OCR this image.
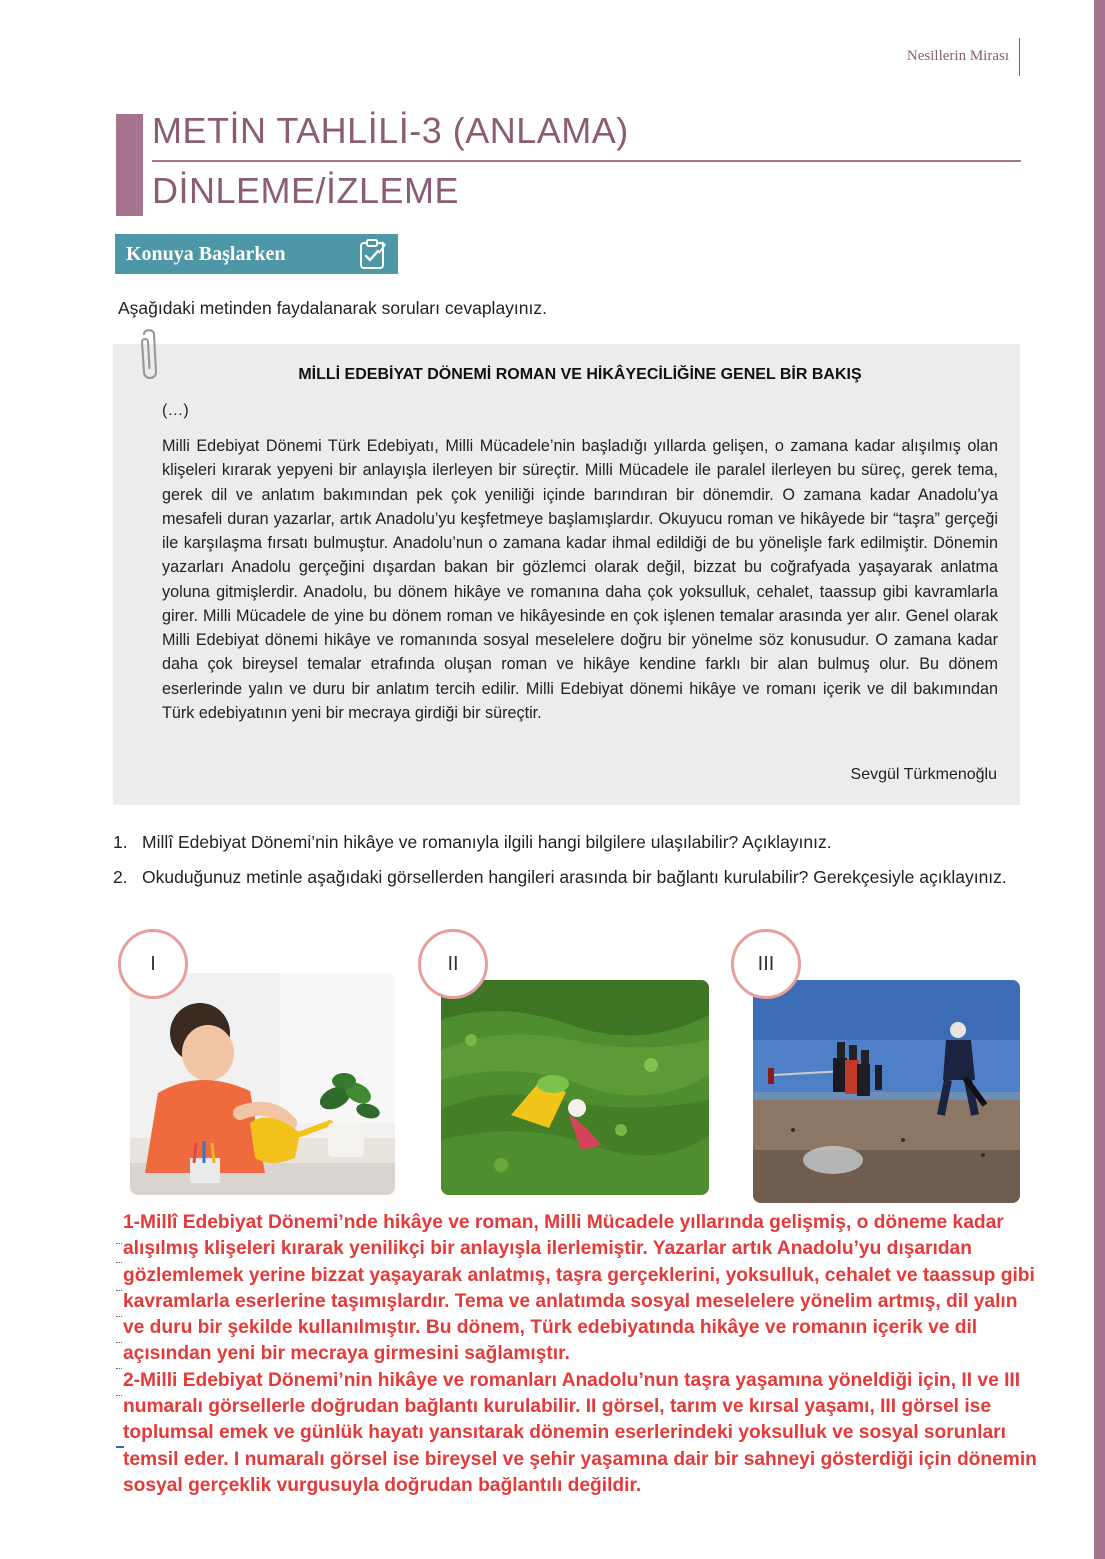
Nesillerin Mirası
METİN TAHLİLİ-3 (ANLAMA)
DİNLEME/İZLEME
Konuya Başlarken
Aşağıdaki metinden faydalanarak soruları cevaplayınız.
MİLLİ EDEBİYAT DÖNEMİ ROMAN VE HİKÂYECİLİĞİNE GENEL BİR BAKIŞ
(…)
Milli Edebiyat Dönemi Türk Edebiyatı, Milli Mücadele’nin başladığı yıllarda gelişen, o zamana kadar alışılmış olan klişeleri kırarak yepyeni bir anlayışla ilerleyen bir süreçtir. Milli Mücadele ile paralel ilerleyen bu süreç, gerek tema, gerek dil ve anlatım bakımından pek çok yeniliği içinde barındıran bir dönemdir. O zamana kadar Anadolu’ya mesafeli duran yazarlar, artık Anadolu’yu keşfetmeye başlamışlardır. Okuyucu roman ve hikâyede bir “taşra” gerçeği ile karşılaşma fırsatı bulmuştur. Anadolu’nun o zamana kadar ihmal edildiği de bu yönelişle fark edilmiştir. Dönemin yazarları Anadolu gerçeğini dışardan bakan bir gözlemci olarak değil, bizzat bu coğrafyada yaşayarak anlatma yoluna gitmişlerdir. Anadolu, bu dönem hikâye ve romanına daha çok yoksulluk, cehalet, taassup gibi kavramlarla girer. Milli Mücadele de yine bu dönem roman ve hikâyesinde en çok işlenen temalar arasında yer alır. Genel olarak Milli Edebiyat dönemi hikâye ve romanında sosyal meselelere doğru bir yönelme söz konusudur. O zamana kadar daha çok bireysel temalar etrafında oluşan roman ve hikâye kendine farklı bir alan bulmuş olur. Bu dönem eserlerinde yalın ve duru bir anlatım tercih edilir. Milli Edebiyat dönemi hikâye ve romanı içerik ve dil bakımından Türk edebiyatının yeni bir mecraya girdiği bir süreçtir.
Sevgül Türkmenoğlu
1. Millî Edebiyat Dönemi’nin hikâye ve romanıyla ilgili hangi bilgilere ulaşılabilir? Açıklayınız.
2. Okuduğunuz metinle aşağıdaki görsellerden hangileri arasında bir bağlantı kurulabilir? Gerekçesiyle açıklayınız.
I	II	III

1-Millî Edebiyat Dönemi’nde hikâye ve roman, Milli Mücadele yıllarında gelişmiş, o döneme kadar alışılmış klişeleri kırarak yenilikçi bir anlayışla ilerlemiştir. Yazarlar artık Anadolu’yu dışarıdan gözlemlemek yerine bizzat yaşayarak anlatmış, taşra gerçeklerini, yoksulluk, cehalet ve taassup gibi kavramlarla eserlerine taşımışlardır. Tema ve anlatımda sosyal meselelere yönelim artmış, dil yalın ve duru bir şekilde kullanılmıştır. Bu dönem, Türk edebiyatında hikâye ve romanın içerik ve dil açısından yeni bir mecraya girmesini sağlamıştır.

2-Milli Edebiyat Dönemi’nin hikâye ve romanları Anadolu’nun taşra yaşamına yöneldiği için, II ve III numaralı görsellerle doğrudan bağlantı kurulabilir. II görsel, tarım ve kırsal yaşamı, III görsel ise toplumsal emek ve günlük hayatı yansıtarak dönemin eserlerindeki yoksulluk ve sosyal sorunları temsil eder. I numaralı görsel ise bireysel ve şehir yaşamına dair bir sahneyi gösterdiği için dönemin sosyal gerçeklik vurgusuyla doğrudan bağlantılı değildir.
